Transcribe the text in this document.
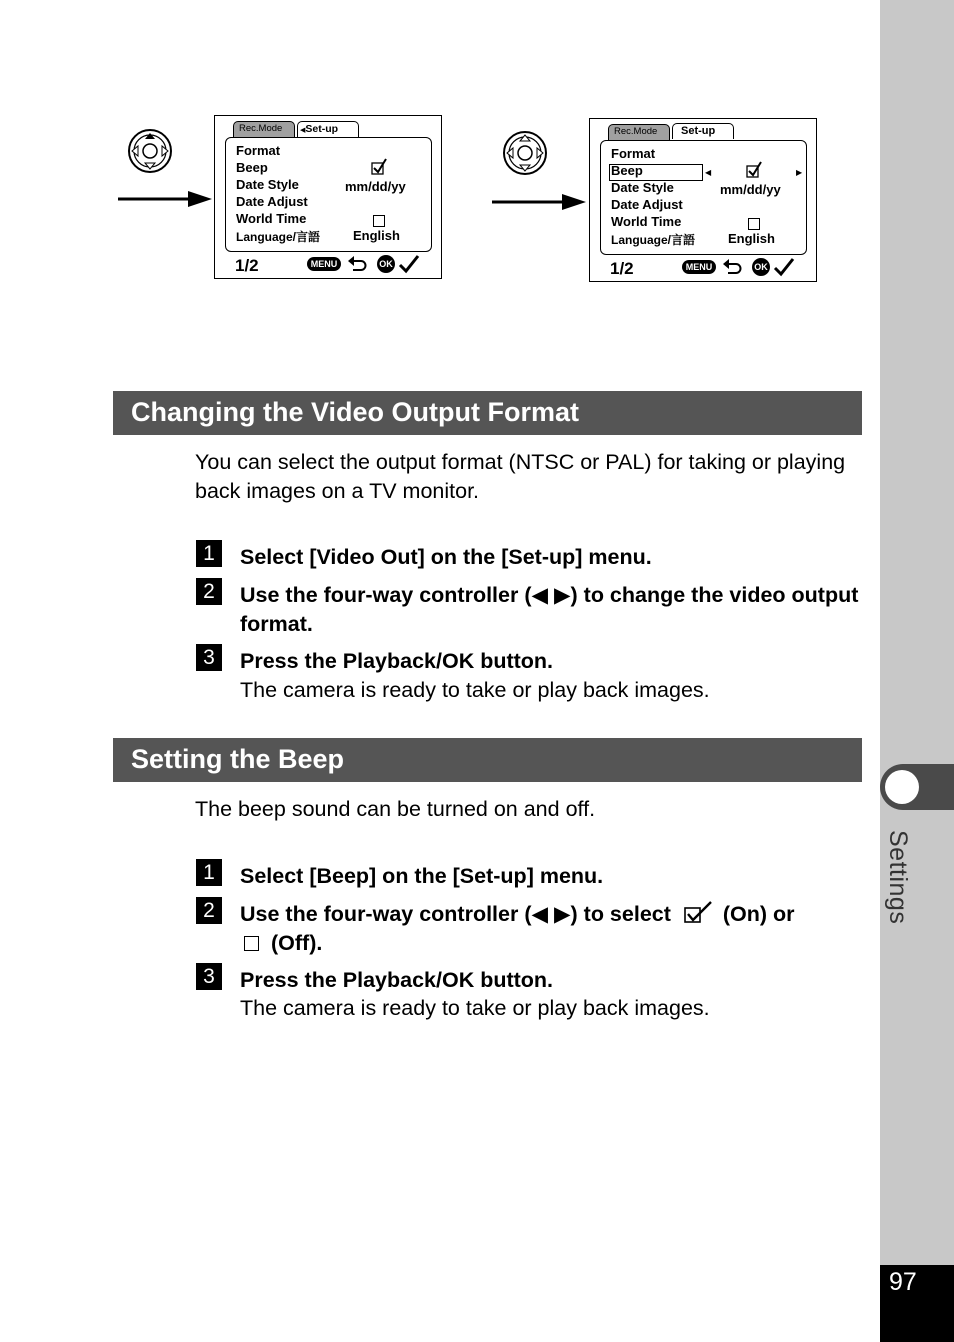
Settings
97
Rec.Mode	◀Set-up
Format
Beep
Date Style
Date Adjust
World Time
Language/言語
mm/dd/yy
English
1/2	MENU	OK
Rec.Mode	Set-up
Format
Beep	◀	▶
Date Style
Date Adjust
World Time
Language/言語
mm/dd/yy
English
1/2	MENU	OK
Changing the Video Output Format
You can select the output format (NTSC or PAL) for taking or playing back images on a TV monitor.
1	Select [Video Out] on the [Set-up] menu.
2	Use the four-way controller (◀ ▶) to change the video output format.
3	Press the Playback/OK button.
The camera is ready to take or play back images.
Setting the Beep
The beep sound can be turned on and off.
1	Select [Beep] on the [Set-up] menu.
2	Use the four-way controller (◀ ▶) to select (On) or
(Off).
3	Press the Playback/OK button.
The camera is ready to take or play back images.
